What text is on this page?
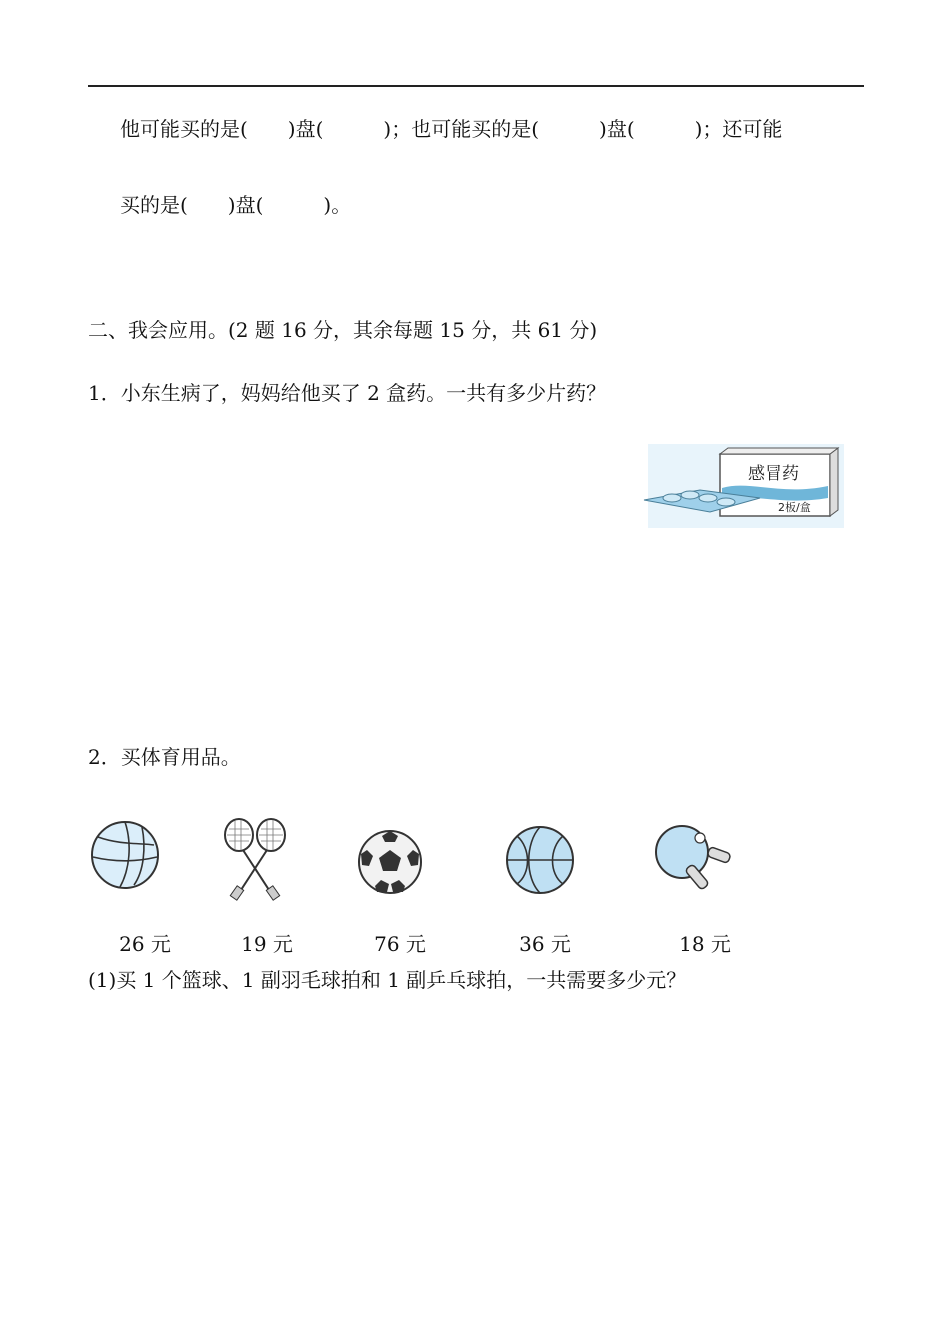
他可能买的是(　　)盘(　　　)；也可能买的是(　　　)盘(　　　)；还可能
买的是(　　)盘(　　　)。
二、我会应用。(2 题 16 分，其余每题 15 分，共 61 分)
1．小东生病了，妈妈给他买了 2 盒药。一共有多少片药？
感冒药
2板/盒
2．买体育用品。
26 元	19 元	76 元	36 元	18 元
(1)买 1 个篮球、1 副羽毛球拍和 1 副乒乓球拍，一共需要多少元？
